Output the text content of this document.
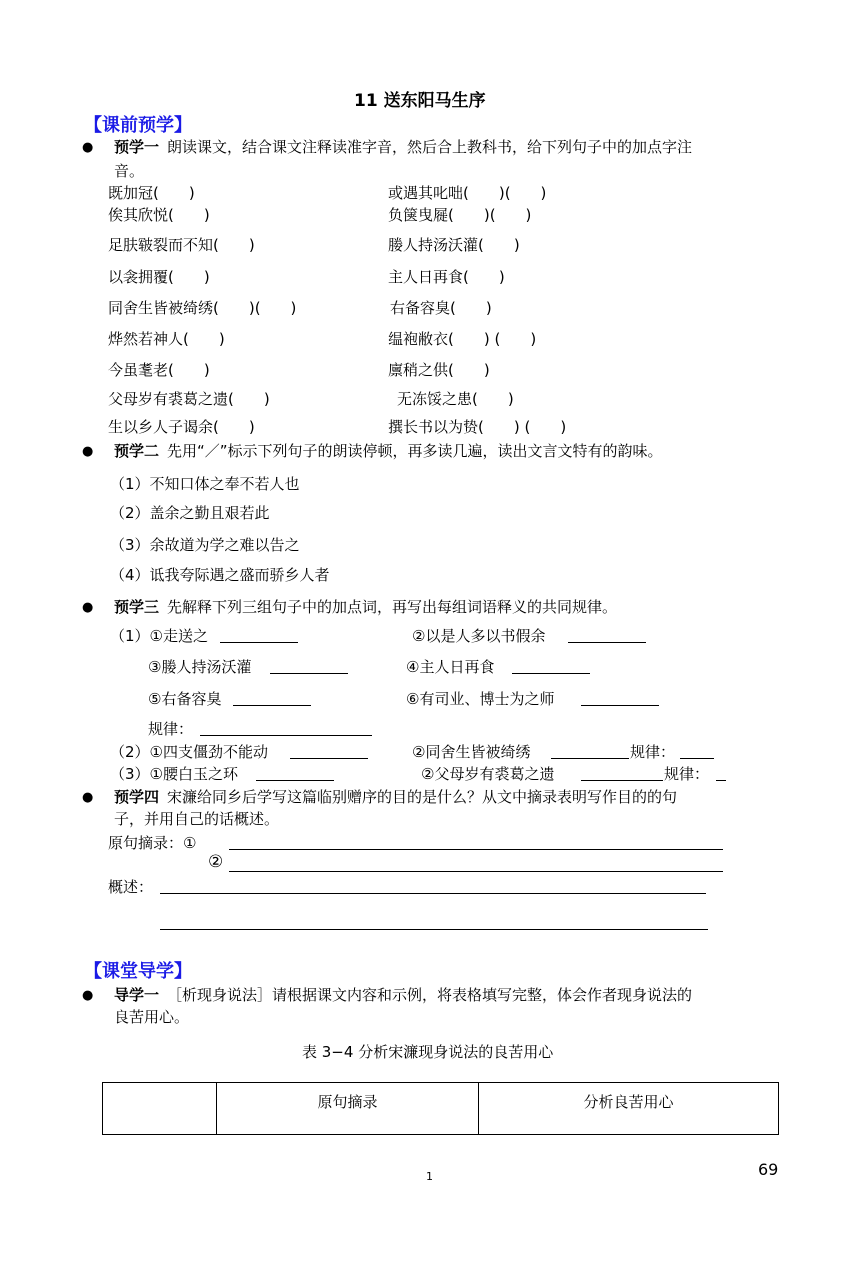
11 送东阳马生序
【课前预学】
● 预学一 朗读课文，结合课文注释读准字音，然后合上教科书，给下列句子中的加点字注
音。
既加冠(　　)	或遇其叱咄(　　)(　　)
俟其欣悦(　　)	负箧曳屣(　　)(　　)
足肤皲裂而不知(　　)	媵人持汤沃灌(　　)
以衾拥覆(　　)	主人日再食(　　)
同舍生皆被绮绣(　　)(　　)	右备容臭(　　)
烨然若神人(　　)	缊袍敝衣(　　) (　　)
今虽耄老(　　)	廪稍之供(　　)
父母岁有裘葛之遗(　　)	无冻馁之患(　　)
生以乡人子谒余(　　)	撰长书以为贽(　　) (　　)
● 预学二 先用“／”标示下列句子的朗读停顿，再多读几遍，读出文言文特有的韵味。
（1）不知口体之奉不若人也
（2）盖余之勤且艰若此
（3）余故道为学之难以告之
（4）诋我夸际遇之盛而骄乡人者
● 预学三 先解释下列三组句子中的加点词，再写出每组词语释义的共同规律。
（1）①走送之	②以是人多以书假余
③媵人持汤沃灌	④主人日再食
⑤右备容臭	⑥有司业、博士为之师
规律：
（2）①四支僵劲不能动	②同舍生皆被绮绣	规律：
（3）①腰白玉之环	②父母岁有裘葛之遗	规律：
● 预学四 宋濂给同乡后学写这篇临别赠序的目的是什么？从文中摘录表明写作目的的句
子，并用自己的话概述。
原句摘录：①
②
概述：
【课堂导学】
● 导学一 ［析现身说法］请根据课文内容和示例，将表格填写完整，体会作者现身说法的
良苦用心。
表 3−4 分析宋濂现身说法的良苦用心
	原句摘录	分析良苦用心
1	69
